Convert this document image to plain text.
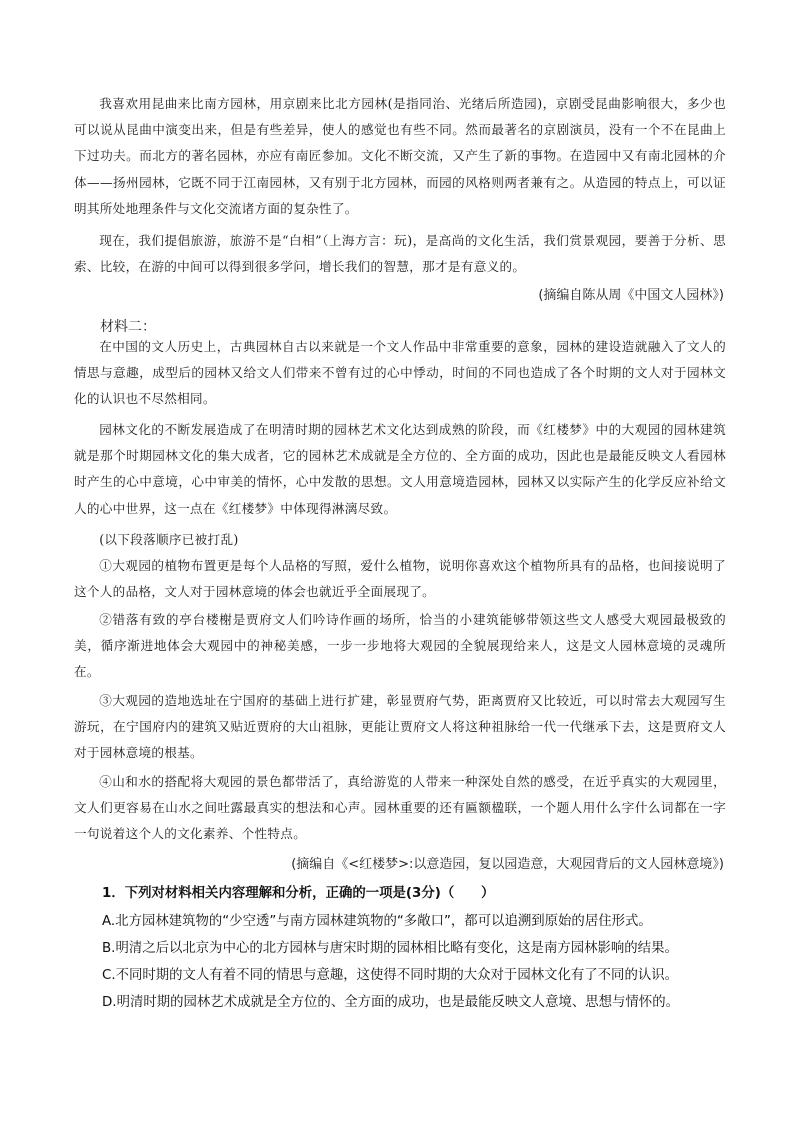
我喜欢用昆曲来比南方园林，用京剧来比北方园林(是指同治、光绪后所造园)，京剧受昆曲影响很大，多少也可以说从昆曲中演变出来，但是有些差异，使人的感觉也有些不同。然而最著名的京剧演员，没有一个不在昆曲上下过功夫。而北方的著名园林，亦应有南匠参加。文化不断交流，又产生了新的事物。在造园中又有南北园林的介体——扬州园林，它既不同于江南园林，又有别于北方园林，而园的风格则两者兼有之。从造园的特点上，可以证明其所处地理条件与文化交流诸方面的复杂性了。

现在，我们提倡旅游，旅游不是“白相”（上海方言：玩)，是高尚的文化生活，我们赏景观园，要善于分析、思索、比较，在游的中间可以得到很多学问，增长我们的智慧，那才是有意义的。

(摘编自陈从周《中国文人园林》)
材料二：

在中国的文人历史上，古典园林自古以来就是一个文人作品中非常重要的意象，园林的建设造就融入了文人的情思与意趣，成型后的园林又给文人们带来不曾有过的心中悸动，时间的不同也造成了各个时期的文人对于园林文化的认识也不尽然相同。

园林文化的不断发展造成了在明清时期的园林艺术文化达到成熟的阶段，而《红楼梦》中的大观园的园林建筑就是那个时期园林文化的集大成者，它的园林艺术成就是全方位的、全方面的成功，因此也是最能反映文人看园林时产生的心中意境，心中审美的情怀，心中发散的思想。文人用意境造园林，园林又以实际产生的化学反应补给文人的心中世界，这一点在《红楼梦》中体现得淋漓尽致。

(以下段落顺序已被打乱)

①大观园的植物布置更是每个人品格的写照，爱什么植物，说明你喜欢这个植物所具有的品格，也间接说明了这个人的品格，文人对于园林意境的体会也就近乎全面展现了。

②错落有致的亭台楼榭是贾府文人们吟诗作画的场所，恰当的小建筑能够带领这些文人感受大观园最极致的美，循序渐进地体会大观园中的神秘美感，一步一步地将大观园的全貌展现给来人，这是文人园林意境的灵魂所在。

③大观园的造地选址在宁国府的基础上进行扩建，彰显贾府气势，距离贾府又比较近，可以时常去大观园写生游玩，在宁国府内的建筑又贴近贾府的大山祖脉，更能让贾府文人将这种祖脉给一代一代继承下去，这是贾府文人对于园林意境的根基。

④山和水的搭配将大观园的景色都带活了，真给游览的人带来一种深处自然的感受，在近乎真实的大观园里，文人们更容易在山水之间吐露最真实的想法和心声。园林重要的还有匾额楹联，一个题人用什么字什么词都在一字一句说着这个人的文化素养、个性特点。

(摘编自《<红楼梦>:以意造园，复以园造意，大观园背后的文人园林意境》)
1．下列对材料相关内容理解和分析，正确的一项是(3分)（　　）
A.北方园林建筑物的“少空透”与南方园林建筑物的“多敞口”，都可以追溯到原始的居住形式。
B.明清之后以北京为中心的北方园林与唐宋时期的园林相比略有变化，这是南方园林影响的结果。
C.不同时期的文人有着不同的情思与意趣，这使得不同时期的大众对于园林文化有了不同的认识。
D.明清时期的园林艺术成就是全方位的、全方面的成功，也是最能反映文人意境、思想与情怀的。
